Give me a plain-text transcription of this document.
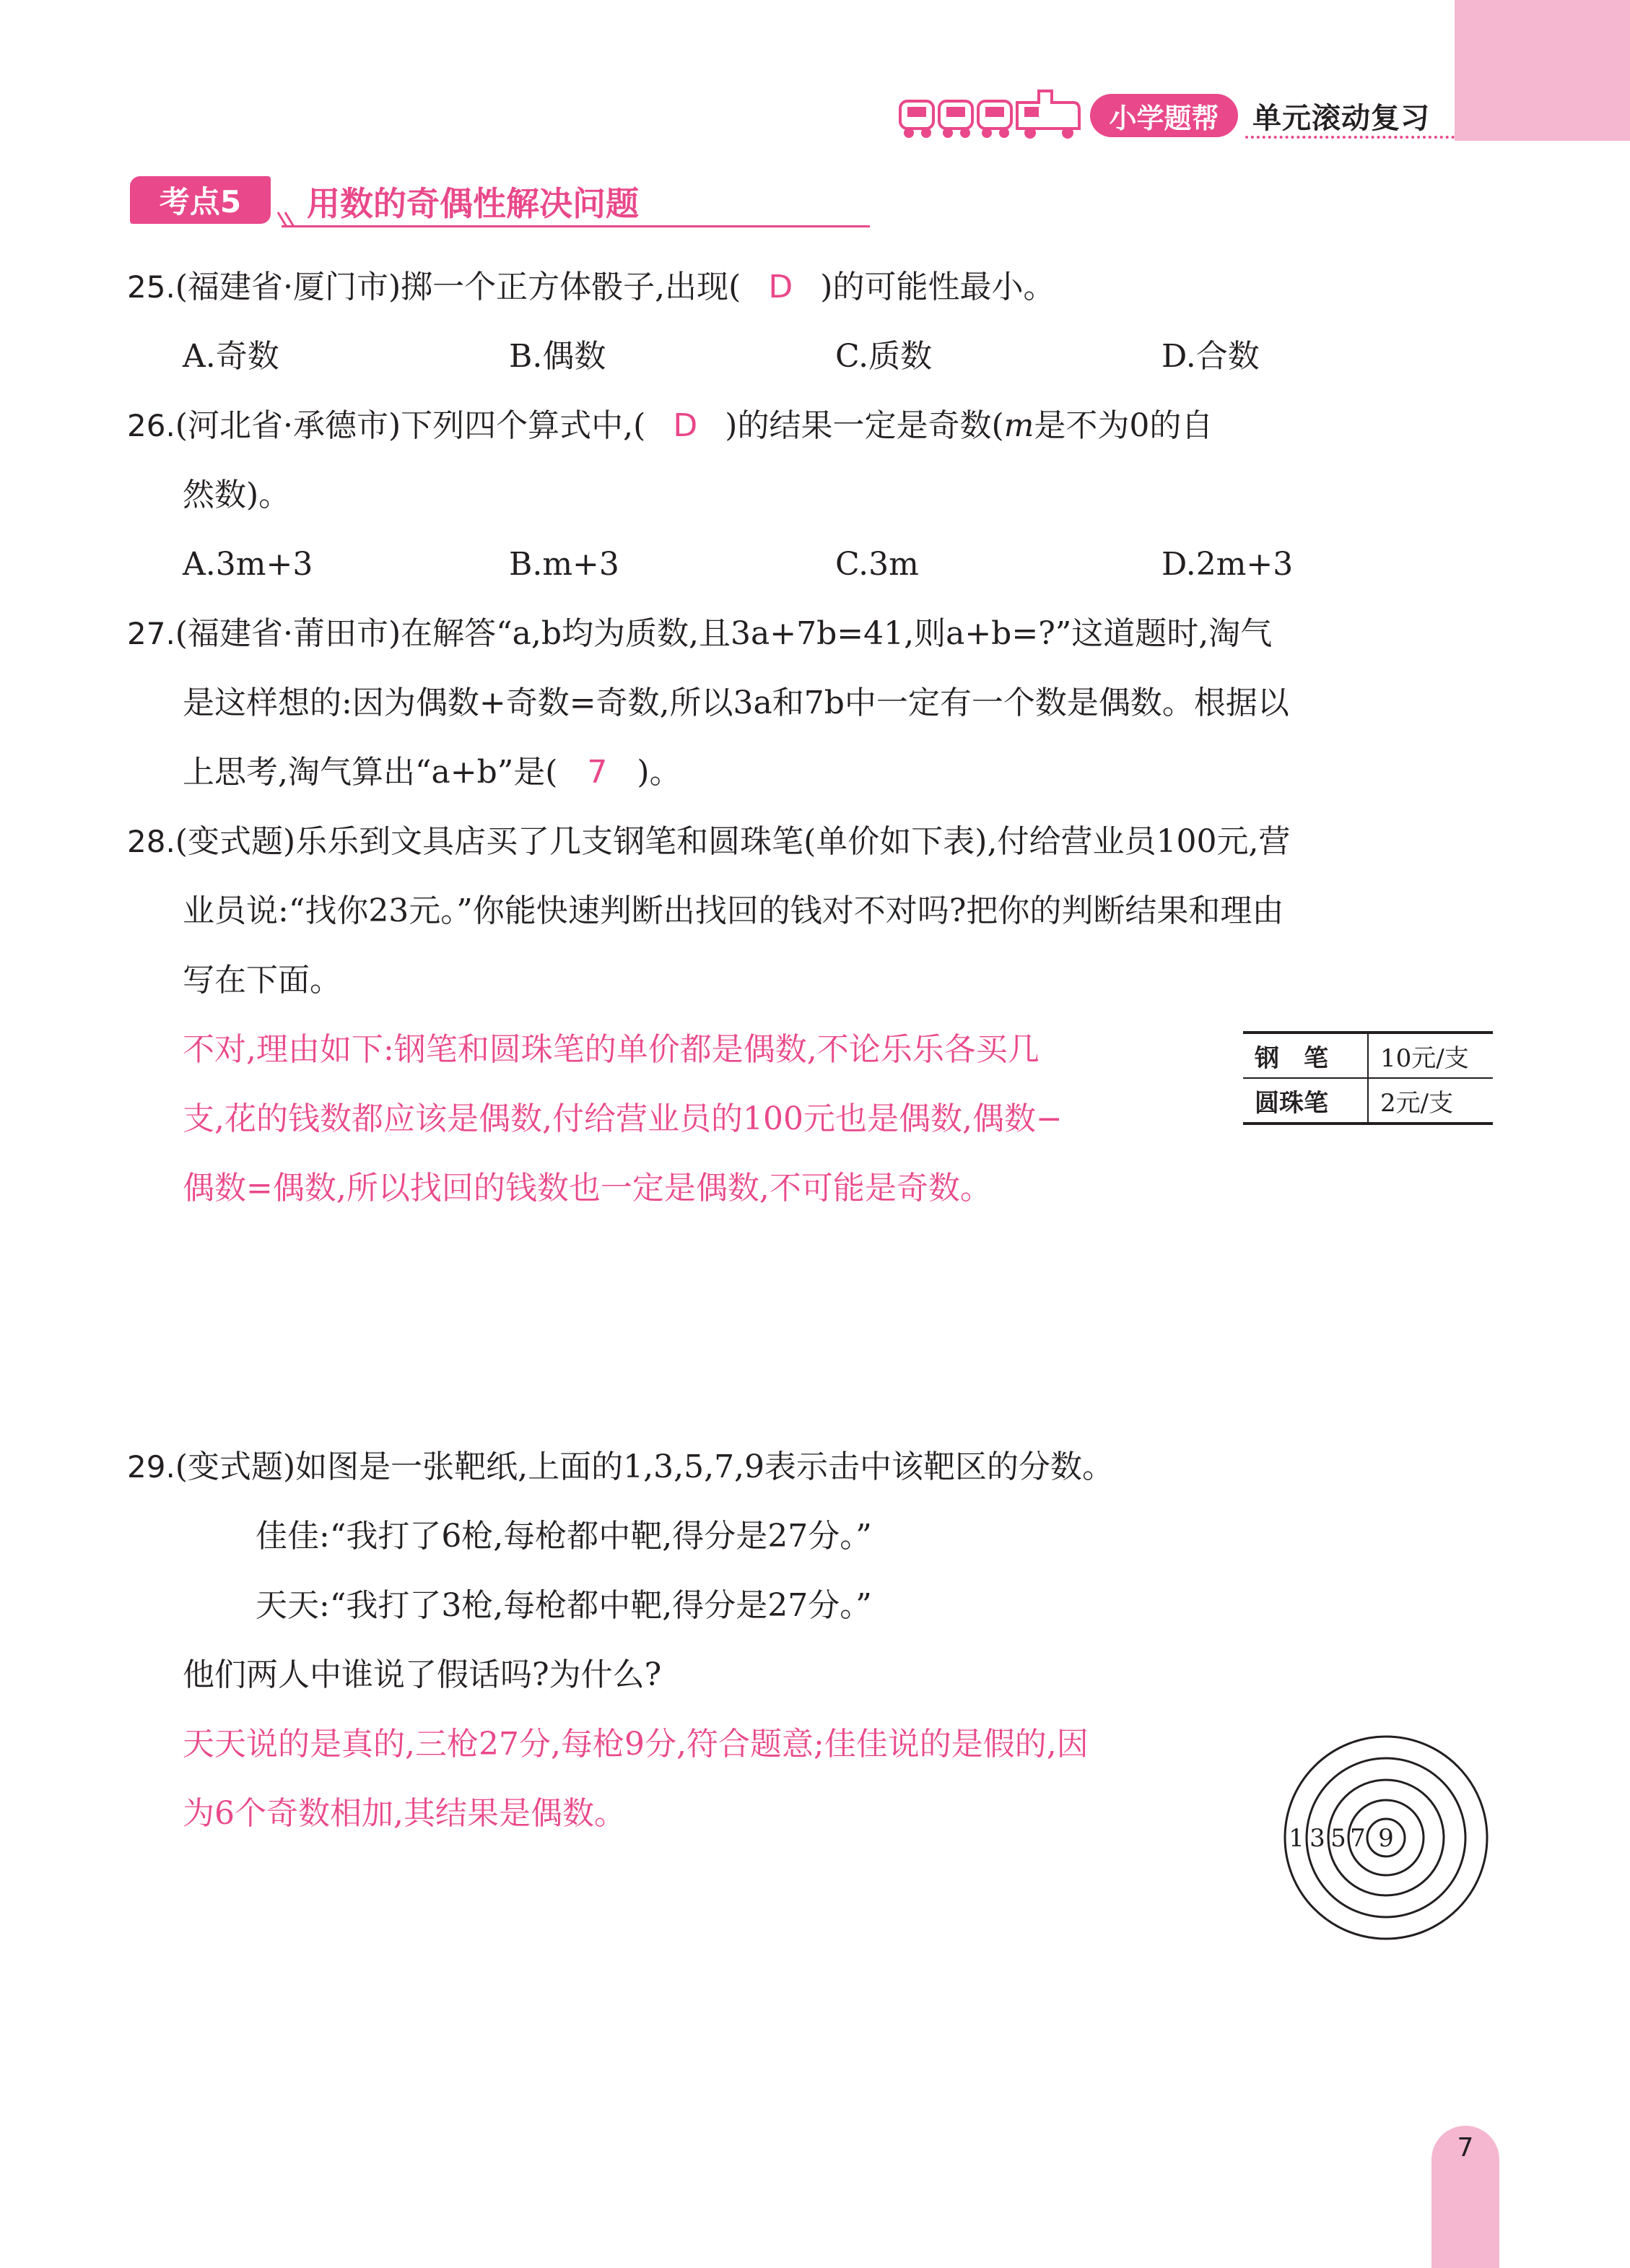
小学题帮	单元滚动复习
考点5	用数的奇偶性解决问题
25.(福建省·厦门市)掷一个正方体骰子,出现( D )的可能性最小。
A.奇数	B.偶数	C.质数	D.合数
26.(河北省·承德市)下列四个算式中,( D )的结果一定是奇数(m是不为0的自
然数)。
A.3m+3	B.m+3	C.3m	D.2m+3
27.(福建省·莆田市)在解答“a,b均为质数,且3a+7b=41,则a+b=?”这道题时,淘气
是这样想的:因为偶数+奇数=奇数,所以3a和7b中一定有一个数是偶数。根据以
上思考,淘气算出“a+b”是( 7 )。
28.(变式题)乐乐到文具店买了几支钢笔和圆珠笔(单价如下表),付给营业员100元,营
业员说:“找你23元。”你能快速判断出找回的钱对不对吗?把你的判断结果和理由
写在下面。
不对,理由如下:钢笔和圆珠笔的单价都是偶数,不论乐乐各买几
支,花的钱数都应该是偶数,付给营业员的100元也是偶数,偶数−
偶数=偶数,所以找回的钱数也一定是偶数,不可能是奇数。
29.(变式题)如图是一张靶纸,上面的1,3,5,7,9表示击中该靶区的分数。
佳佳:“我打了6枪,每枪都中靶,得分是27分。”
天天:“我打了3枪,每枪都中靶,得分是27分。”
他们两人中谁说了假话吗?为什么?
天天说的是真的,三枪27分,每枪9分,符合题意;佳佳说的是假的,因
为6个奇数相加,其结果是偶数。
钢　笔	10元/支
圆珠笔	2元/支
1 3 5 7 9
7
